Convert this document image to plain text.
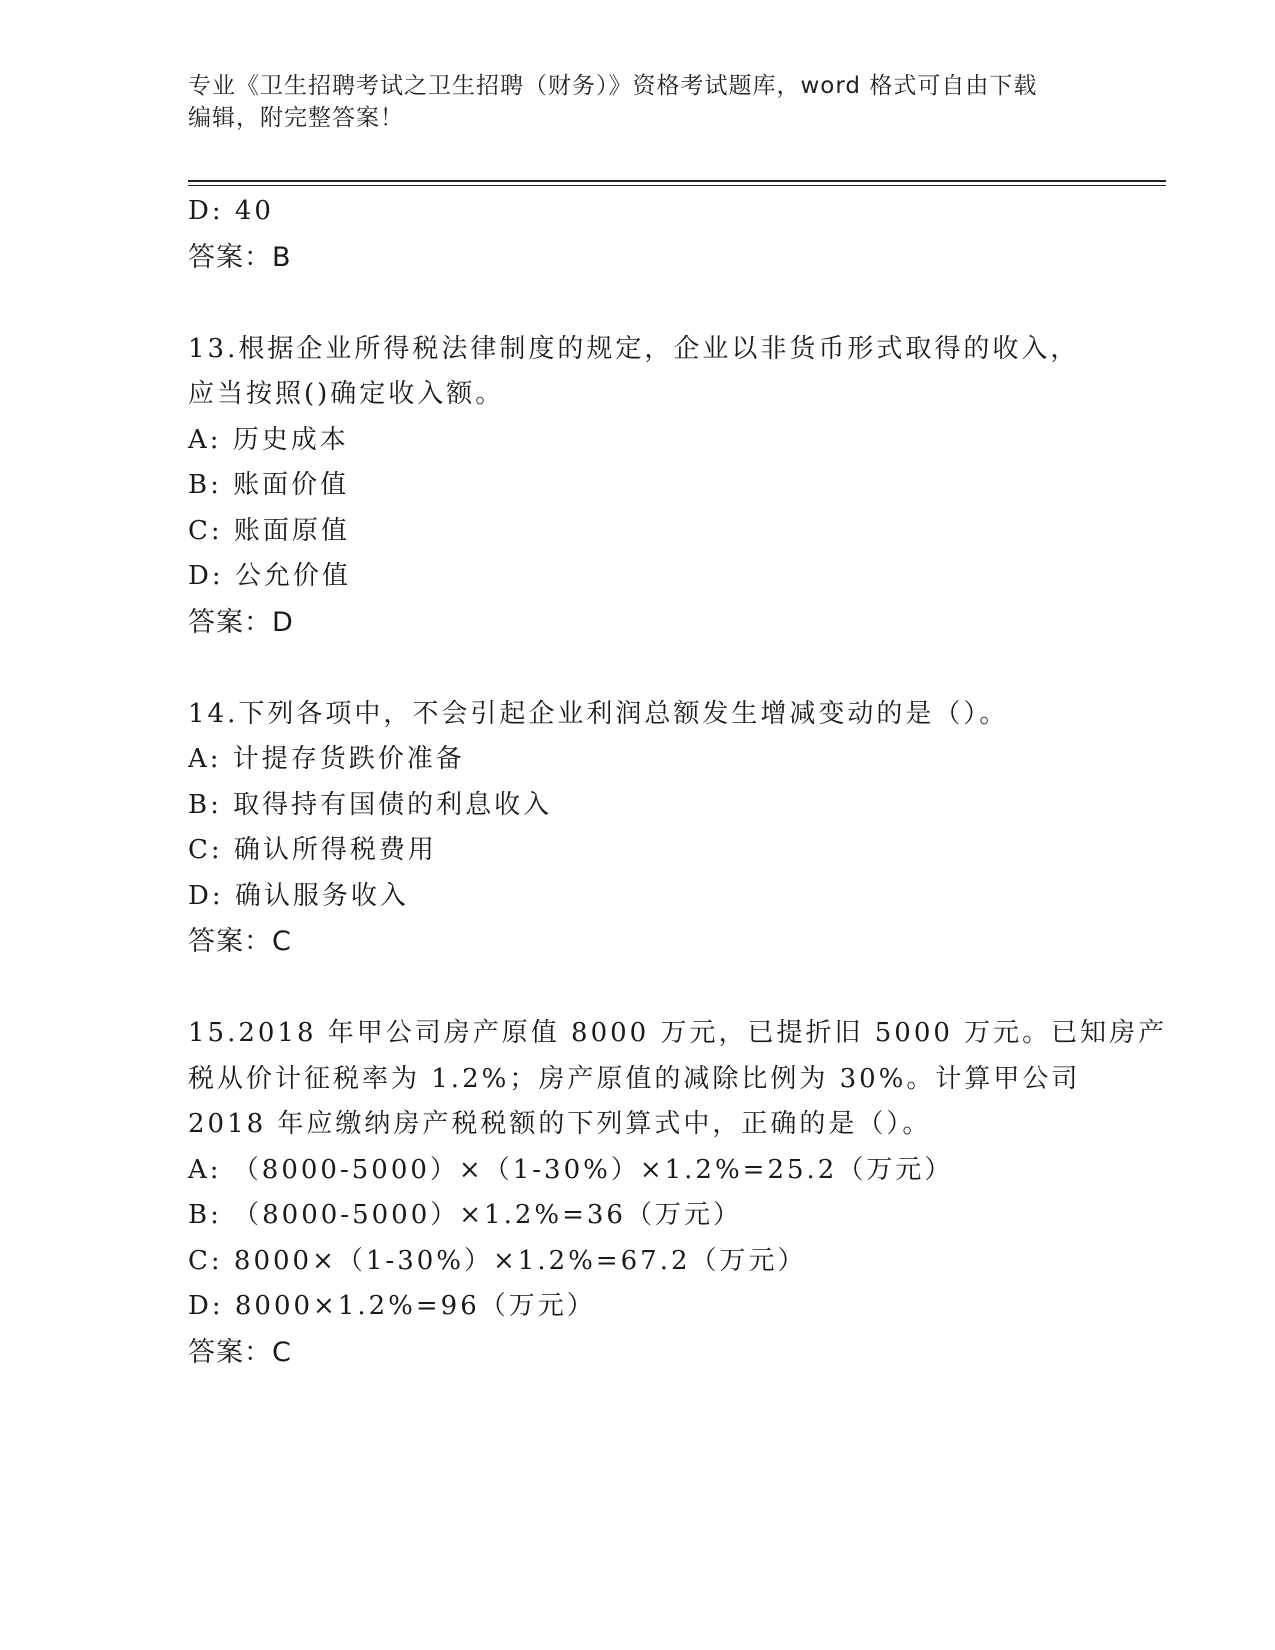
专业《卫生招聘考试之卫生招聘（财务）》资格考试题库，word 格式可自由下载
编辑，附完整答案！
D: 40
答案：B
13.根据企业所得税法律制度的规定，企业以非货币形式取得的收入，
应当按照()确定收入额。
A: 历史成本
B: 账面价值
C: 账面原值
D: 公允价值
答案：D
14.下列各项中，不会引起企业利润总额发生增减变动的是（）。
A: 计提存货跌价准备
B: 取得持有国债的利息收入
C: 确认所得税费用
D: 确认服务收入
答案：C
15.2018 年甲公司房产原值 8000 万元，已提折旧 5000 万元。已知房产
税从价计征税率为 1.2%；房产原值的减除比例为 30%。计算甲公司
2018 年应缴纳房产税税额的下列算式中，正确的是（）。
A: （8000-5000）×（1-30%）×1.2%=25.2（万元）
B: （8000-5000）×1.2%=36（万元）
C: 8000×（1-30%）×1.2%=67.2（万元）
D: 8000×1.2%=96（万元）
答案：C
